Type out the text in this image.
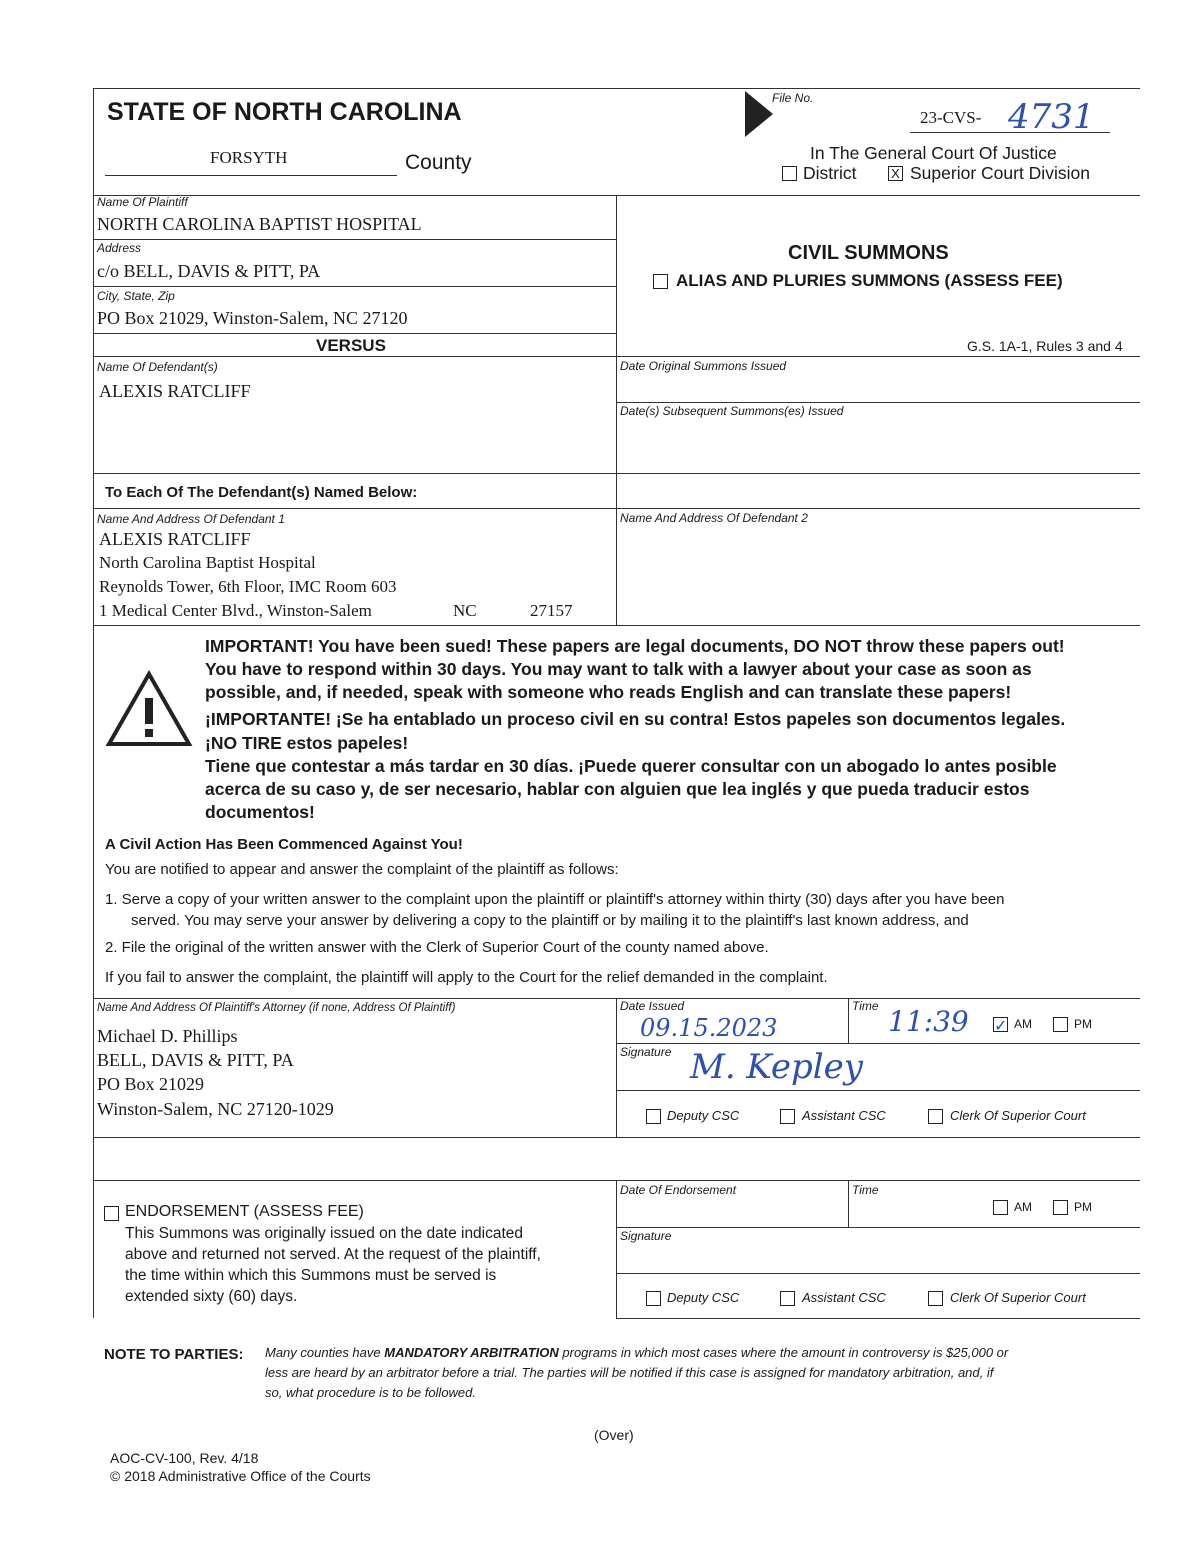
STATE OF NORTH CAROLINA	File No.
23-CVS- 4731
FORSYTH	County	In The General Court Of Justice
District	X Superior Court Division
Name Of Plaintiff
NORTH CAROLINA BAPTIST HOSPITAL
Address
c/o BELL, DAVIS & PITT, PA
City, State, Zip
PO Box 21029, Winston-Salem, NC 27120
VERSUS
Name Of Defendant(s)
ALEXIS RATCLIFF
CIVIL SUMMONS
ALIAS AND PLURIES SUMMONS (ASSESS FEE)
G.S. 1A-1, Rules 3 and 4
Date Original Summons Issued
Date(s) Subsequent Summons(es) Issued
To Each Of The Defendant(s) Named Below:
Name And Address Of Defendant 1
ALEXIS RATCLIFF
North Carolina Baptist Hospital
Reynolds Tower, 6th Floor, IMC Room 603
1 Medical Center Blvd., Winston-Salem	NC	27157
Name And Address Of Defendant 2
IMPORTANT! You have been sued! These papers are legal documents, DO NOT throw these papers out!
You have to respond within 30 days. You may want to talk with a lawyer about your case as soon as
possible, and, if needed, speak with someone who reads English and can translate these papers!
¡IMPORTANTE! ¡Se ha entablado un proceso civil en su contra! Estos papeles son documentos legales.
¡NO TIRE estos papeles!
Tiene que contestar a más tardar en 30 días. ¡Puede querer consultar con un abogado lo antes posible
acerca de su caso y, de ser necesario, hablar con alguien que lea inglés y que pueda traducir estos
documentos!
A Civil Action Has Been Commenced Against You!
You are notified to appear and answer the complaint of the plaintiff as follows:
1. Serve a copy of your written answer to the complaint upon the plaintiff or plaintiff's attorney within thirty (30) days after you have been
served. You may serve your answer by delivering a copy to the plaintiff or by mailing it to the plaintiff's last known address, and
2. File the original of the written answer with the Clerk of Superior Court of the county named above.
If you fail to answer the complaint, the plaintiff will apply to the Court for the relief demanded in the complaint.
Name And Address Of Plaintiff's Attorney (if none, Address Of Plaintiff)
Michael D. Phillips
BELL, DAVIS & PITT, PA
PO Box 21029
Winston-Salem, NC 27120-1029
Date Issued
09.15.2023
Time 11:39 ✓ AM	PM
Signature M. Kepley
Deputy CSC	Assistant CSC	Clerk Of Superior Court
ENDORSEMENT (ASSESS FEE)
This Summons was originally issued on the date indicated
above and returned not served. At the request of the plaintiff,
the time within which this Summons must be served is
extended sixty (60) days.
Date Of Endorsement	Time
AM	PM
Signature
Deputy CSC	Assistant CSC	Clerk Of Superior Court
NOTE TO PARTIES: Many counties have MANDATORY ARBITRATION programs in which most cases where the amount in controversy is $25,000 or
less are heard by an arbitrator before a trial. The parties will be notified if this case is assigned for mandatory arbitration, and, if
so, what procedure is to be followed.
(Over)
AOC-CV-100, Rev. 4/18
© 2018 Administrative Office of the Courts
